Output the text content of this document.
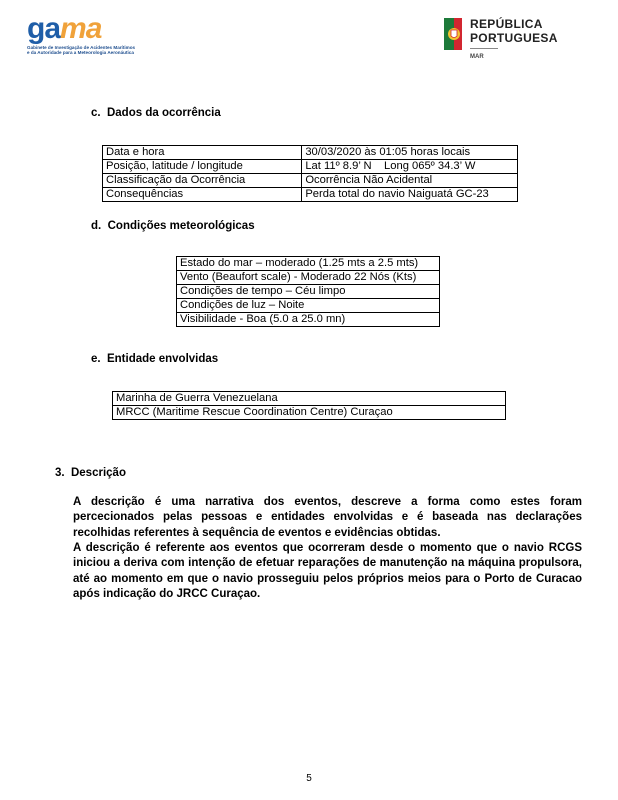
gama
Gabinete de Investigação de Acidentes Marítimos
e da Autoridade para a Meteorologia Aeronáutica
REPÚBLICA
PORTUGUESA
MAR
c. Dados da ocorrência
Data e hora	30/03/2020 às 01:05 horas locais
Posição, latitude / longitude	Lat 11º 8.9’ N    Long 065º 34.3’ W
Classificação da Ocorrência	Ocorrência Não Acidental
Consequências	Perda total do navio Naiguatá GC-23
d. Condições meteorológicas
Estado do mar – moderado (1.25 mts a 2.5 mts)
Vento (Beaufort scale) - Moderado 22 Nós (Kts)
Condições de tempo – Céu limpo
Condições de luz – Noite
Visibilidade - Boa (5.0 a 25.0 mn)
e. Entidade envolvidas
Marinha de Guerra Venezuelana
MRCC (Maritime Rescue Coordination Centre) Curaçao
3. Descrição

A descrição é uma narrativa dos eventos, descreve a forma como estes foram percecionados pelas pessoas e entidades envolvidas e é baseada nas declarações recolhidas referentes à sequência de eventos e evidências obtidas.

A descrição é referente aos eventos que ocorreram desde o momento que o navio RCGS iniciou a deriva com intenção de efetuar reparações de manutenção na máquina propulsora, até ao momento em que o navio prosseguiu pelos próprios meios para o Porto de Curacao após indicação do JRCC Curaçao.

5
